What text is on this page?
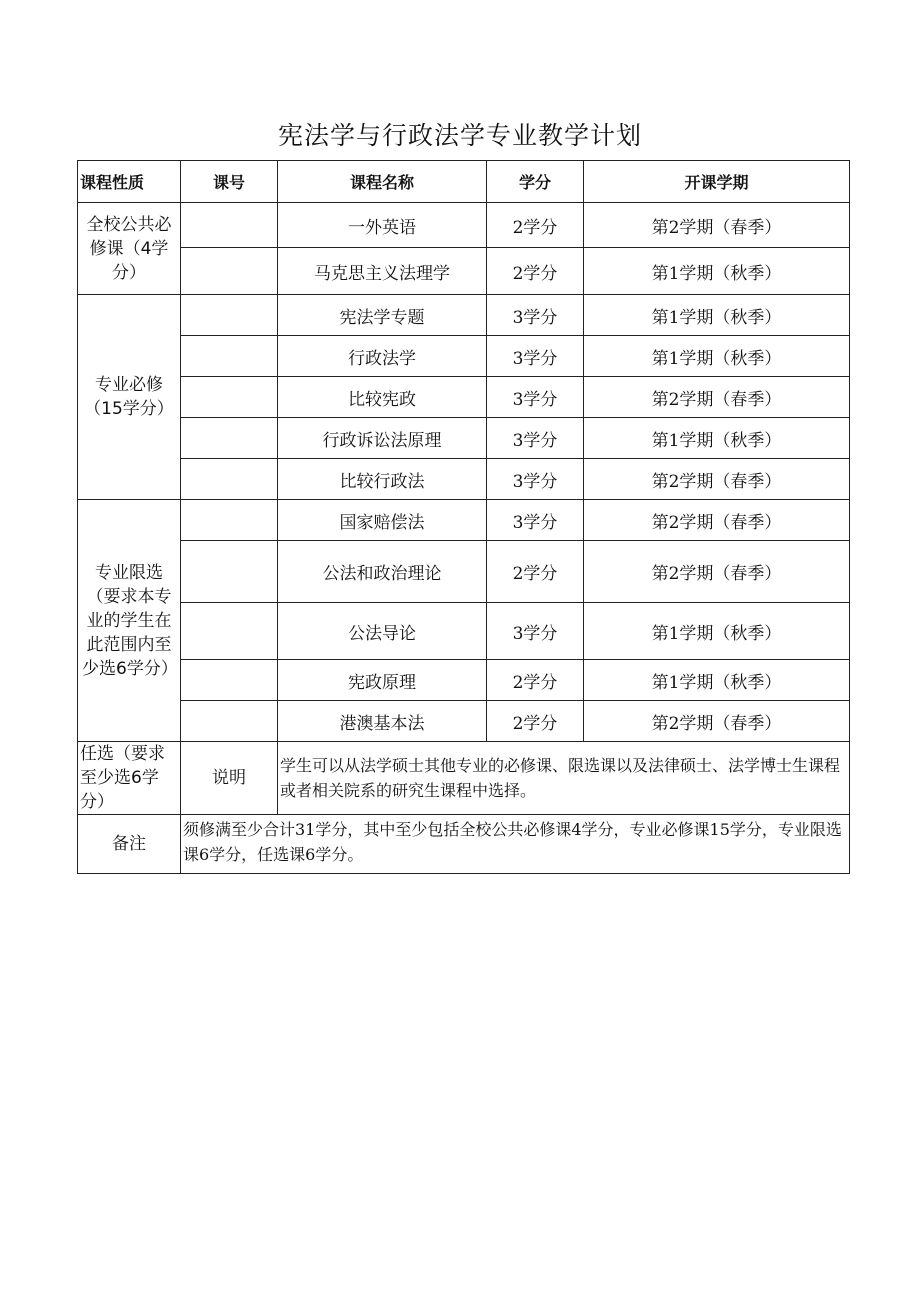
宪法学与行政法学专业教学计划
课程性质	课号	课程名称	学分	开课学期
全校公共必修课（4学分）		一外英语	2学分	第2学期（春季）
		马克思主义法理学	2学分	第1学期（秋季）
专业必修（15学分）		宪法学专题	3学分	第1学期（秋季）
		行政法学	3学分	第1学期（秋季）
		比较宪政	3学分	第2学期（春季）
		行政诉讼法原理	3学分	第1学期（秋季）
		比较行政法	3学分	第2学期（春季）
专业限选（要求本专业的学生在此范围内至少选6学分）		国家赔偿法	3学分	第2学期（春季）
		公法和政治理论	2学分	第2学期（春季）
		公法导论	3学分	第1学期（秋季）
		宪政原理	2学分	第1学期（秋季）
		港澳基本法	2学分	第2学期（春季）
任选（要求至少选6学分）	说明	学生可以从法学硕士其他专业的必修课、限选课以及法律硕士、法学博士生课程或者相关院系的研究生课程中选择。		
备注	须修满至少合计31学分，其中至少包括全校公共必修课4学分，专业必修课15学分，专业限选课6学分，任选课6学分。			
